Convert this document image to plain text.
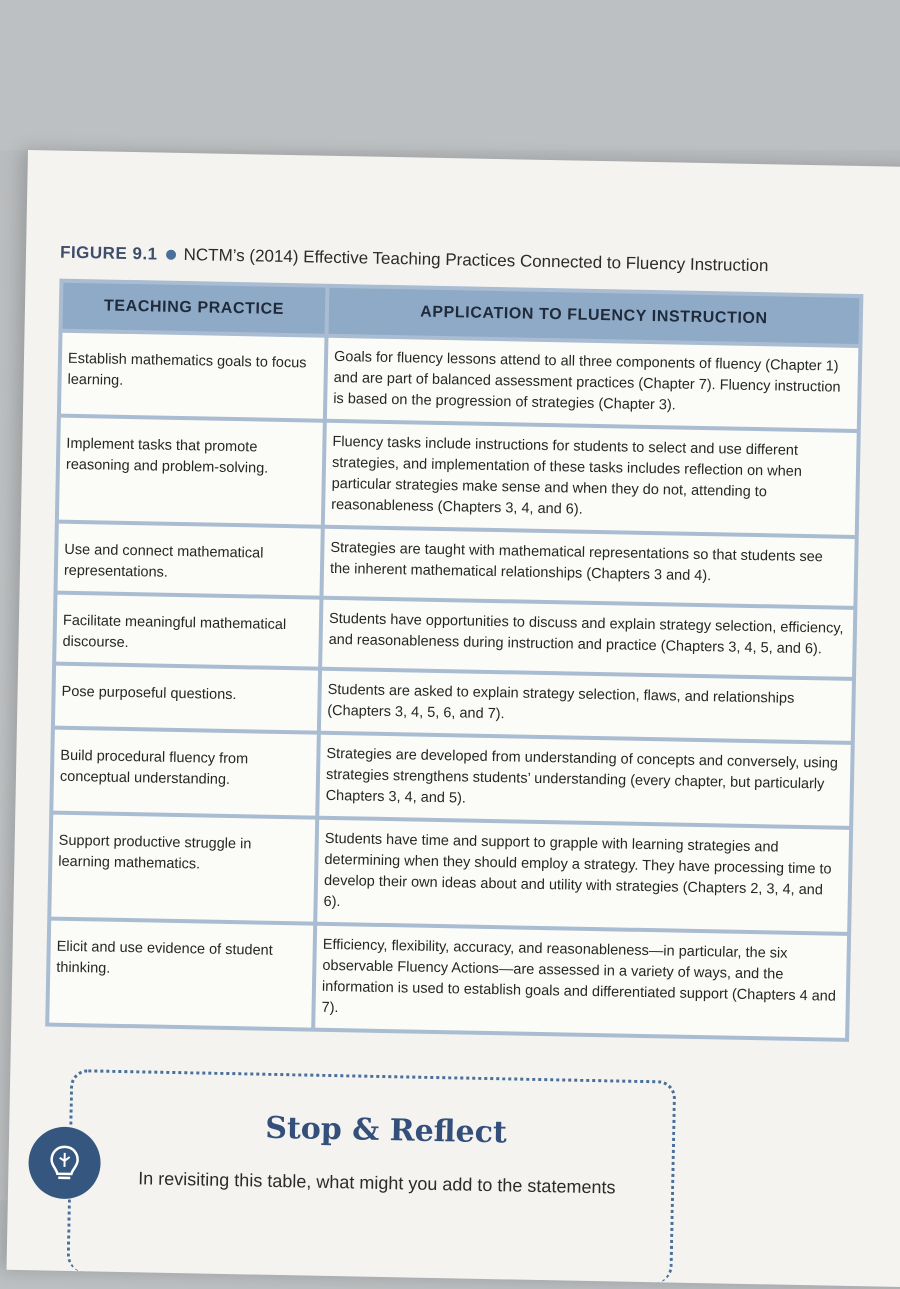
FIGURE 9.1 NCTM’s (2014) Effective Teaching Practices Connected to Fluency Instruction
TEACHING PRACTICE	APPLICATION TO FLUENCY INSTRUCTION
Establish mathematics goals to focus learning.
Goals for fluency lessons attend to all three components of fluency (Chapter 1) and are part of balanced assessment practices (Chapter 7). Fluency instruction is based on the progression of strategies (Chapter 3).
Implement tasks that promote reasoning and problem-solving.
Fluency tasks include instructions for students to select and use different strategies, and implementation of these tasks includes reflection on when particular strategies make sense and when they do not, attending to reasonableness (Chapters 3, 4, and 6).
Use and connect mathematical representations.
Strategies are taught with mathematical representations so that students see the inherent mathematical relationships (Chapters 3 and 4).
Facilitate meaningful mathematical discourse.
Students have opportunities to discuss and explain strategy selection, efficiency, and reasonableness during instruction and practice (Chapters 3, 4, 5, and 6).
Pose purposeful questions.	Students are asked to explain strategy selection, flaws, and relationships (Chapters 3, 4, 5, 6, and 7).
Build procedural fluency from conceptual understanding.
Strategies are developed from understanding of concepts and conversely, using strategies strengthens students’ understanding (every chapter, but particularly Chapters 3, 4, and 5).
Support productive struggle in learning mathematics.
Students have time and support to grapple with learning strategies and determining when they should employ a strategy. They have processing time to develop their own ideas about and utility with strategies (Chapters 2, 3, 4, and 6).
Elicit and use evidence of student thinking.
Efficiency, flexibility, accuracy, and reasonableness—in particular, the six observable Fluency Actions—are assessed in a variety of ways, and the information is used to establish goals and differentiated support (Chapters 4 and 7).
Stop & Reflect
In revisiting this table, what might you add to the statements
